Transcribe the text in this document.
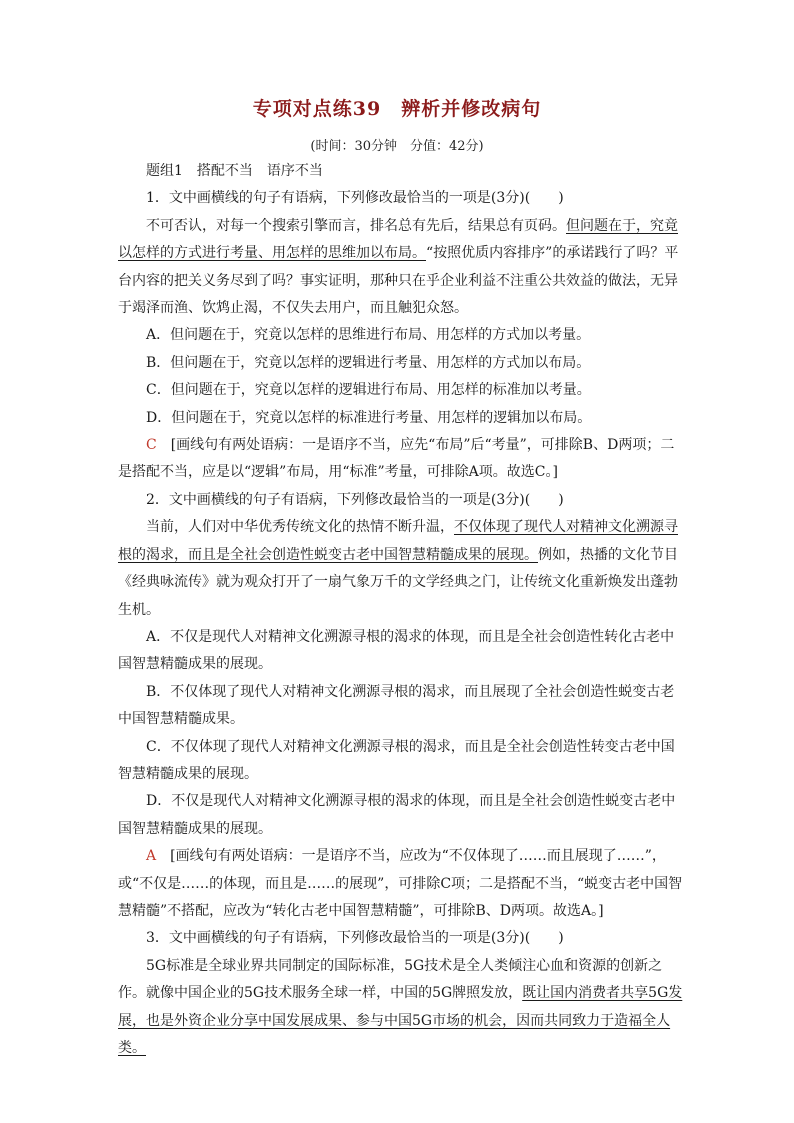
专项对点练39　辨析并修改病句
(时间：30分钟　分值：42分)

题组1　搭配不当　语序不当

1．文中画横线的句子有语病，下列修改最恰当的一项是(3分)(　　)

不可否认，对每一个搜索引擎而言，排名总有先后，结果总有页码。但问题在于，究竟以怎样的方式进行考量、用怎样的思维加以布局。“按照优质内容排序”的承诺践行了吗？平台内容的把关义务尽到了吗？事实证明，那种只在乎企业利益不注重公共效益的做法，无异于竭泽而渔、饮鸩止渴，不仅失去用户，而且触犯众怒。

A．但问题在于，究竟以怎样的思维进行布局、用怎样的方式加以考量。

B．但问题在于，究竟以怎样的逻辑进行考量、用怎样的方式加以布局。

C．但问题在于，究竟以怎样的逻辑进行布局、用怎样的标准加以考量。

D．但问题在于，究竟以怎样的标准进行考量、用怎样的逻辑加以布局。

C　[画线句有两处语病：一是语序不当，应先“布局”后“考量”，可排除B、D两项；二是搭配不当，应是以“逻辑”布局，用“标准”考量，可排除A项。故选C。]

2．文中画横线的句子有语病，下列修改最恰当的一项是(3分)(　　)

当前，人们对中华优秀传统文化的热情不断升温，不仅体现了现代人对精神文化溯源寻根的渴求，而且是全社会创造性蜕变古老中国智慧精髓成果的展现。例如，热播的文化节目《经典咏流传》就为观众打开了一扇气象万千的文学经典之门，让传统文化重新焕发出蓬勃生机。

A．不仅是现代人对精神文化溯源寻根的渴求的体现，而且是全社会创造性转化古老中国智慧精髓成果的展现。

B．不仅体现了现代人对精神文化溯源寻根的渴求，而且展现了全社会创造性蜕变古老中国智慧精髓成果。

C．不仅体现了现代人对精神文化溯源寻根的渴求，而且是全社会创造性转变古老中国智慧精髓成果的展现。

D．不仅是现代人对精神文化溯源寻根的渴求的体现，而且是全社会创造性蜕变古老中国智慧精髓成果的展现。

A　[画线句有两处语病：一是语序不当，应改为“不仅体现了……而且展现了……”，或“不仅是……的体现，而且是……的展现”，可排除C项；二是搭配不当，“蜕变古老中国智慧精髓”不搭配，应改为“转化古老中国智慧精髓”，可排除B、D两项。故选A。]

3．文中画横线的句子有语病，下列修改最恰当的一项是(3分)(　　)

5G标准是全球业界共同制定的国际标准，5G技术是全人类倾注心血和资源的创新之作。就像中国企业的5G技术服务全球一样，中国的5G牌照发放，既让国内消费者共享5G发展，也是外资企业分享中国发展成果、参与中国5G市场的机会，因而共同致力于造福全人类。
